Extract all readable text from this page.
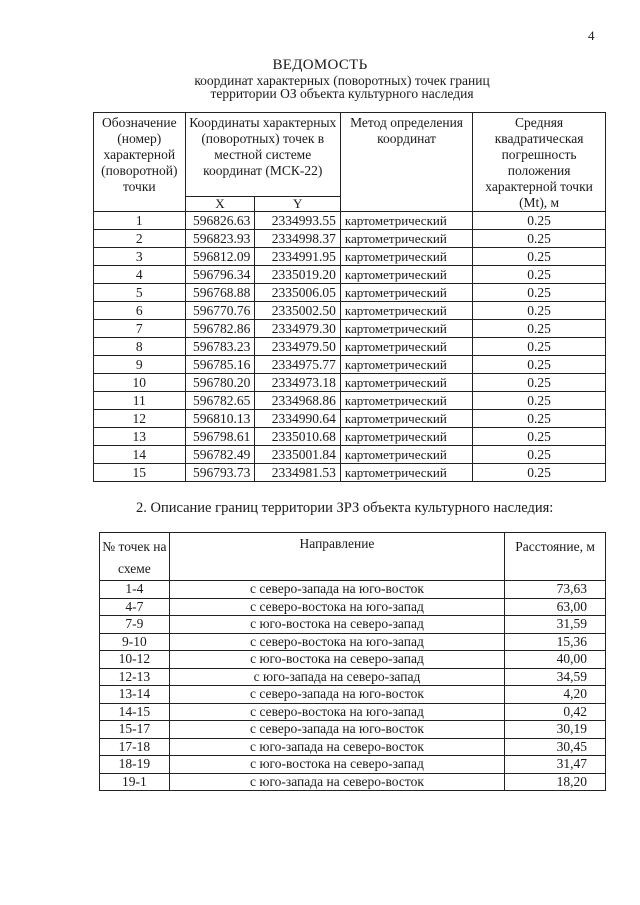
4
ВЕДОМОСТЬ
координат характерных (поворотных) точек границ
территории ОЗ объекта культурного наследия
Обозначение (номер) характерной (поворотной) точки	Координаты характерных (поворотных) точек в местной системе координат (МСК-22)		Метод определения координат	Средняя квадратическая погрешность положения характерной точки (Mt), м
	X	Y		
1	596826.63	2334993.55	картометрический	0.25
2	596823.93	2334998.37	картометрический	0.25
3	596812.09	2334991.95	картометрический	0.25
4	596796.34	2335019.20	картометрический	0.25
5	596768.88	2335006.05	картометрический	0.25
6	596770.76	2335002.50	картометрический	0.25
7	596782.86	2334979.30	картометрический	0.25
8	596783.23	2334979.50	картометрический	0.25
9	596785.16	2334975.77	картометрический	0.25
10	596780.20	2334973.18	картометрический	0.25
11	596782.65	2334968.86	картометрический	0.25
12	596810.13	2334990.64	картометрический	0.25
13	596798.61	2335010.68	картометрический	0.25
14	596782.49	2335001.84	картометрический	0.25
15	596793.73	2334981.53	картометрический	0.25
2. Описание границ территории ЗРЗ объекта культурного наследия:
№ точек на схеме	Направление	Расстояние, м
1-4	с северо-запада на юго-восток	73,63
4-7	с северо-востока на юго-запад	63,00
7-9	с юго-востока на северо-запад	31,59
9-10	с северо-востока на юго-запад	15,36
10-12	с юго-востока на северо-запад	40,00
12-13	с юго-запада на северо-запад	34,59
13-14	с северо-запада на юго-восток	4,20
14-15	с северо-востока на юго-запад	0,42
15-17	с северо-запада на юго-восток	30,19
17-18	с юго-запада на северо-восток	30,45
18-19	с юго-востока на северо-запад	31,47
19-1	с юго-запада на северо-восток	18,20
